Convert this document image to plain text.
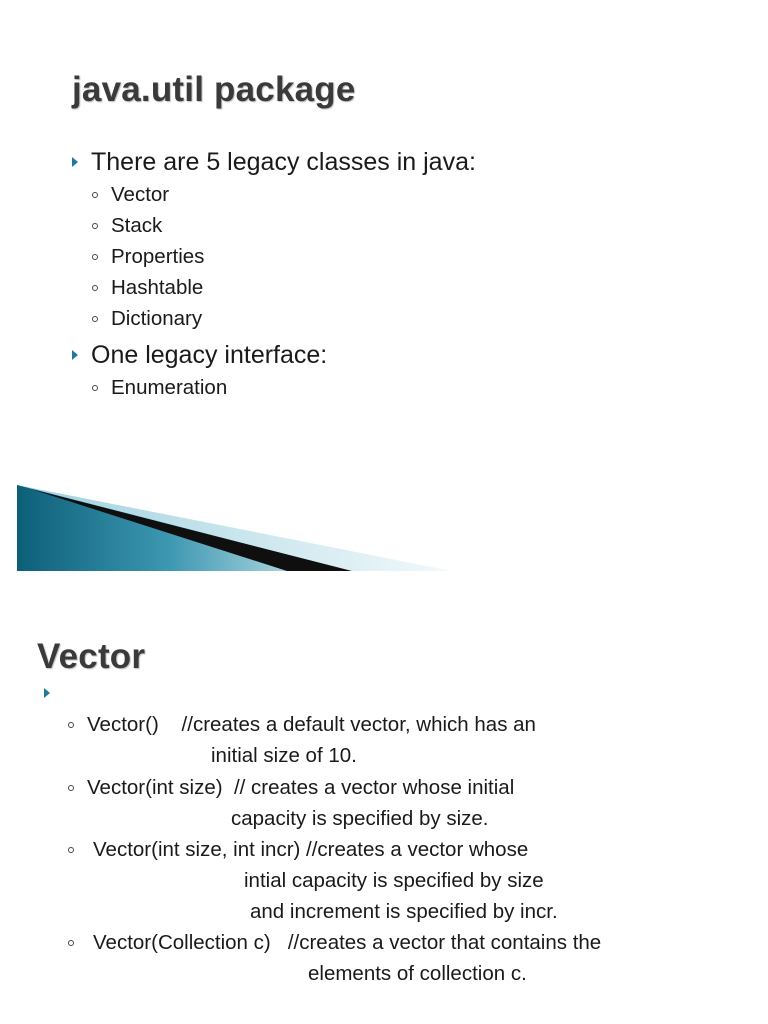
java.util package
There are 5 legacy classes in java:
Vector
Stack
Properties
Hashtable
Dictionary
One legacy interface:
Enumeration
Vector
Vector()    //creates a default vector, which has an
initial size of 10.
Vector(int size)  // creates a vector whose initial
capacity is specified by size.
Vector(int size, int incr) //creates a vector whose
intial capacity is specified by size
and increment is specified by incr.
Vector(Collection c)   //creates a vector that contains the
elements of collection c.
